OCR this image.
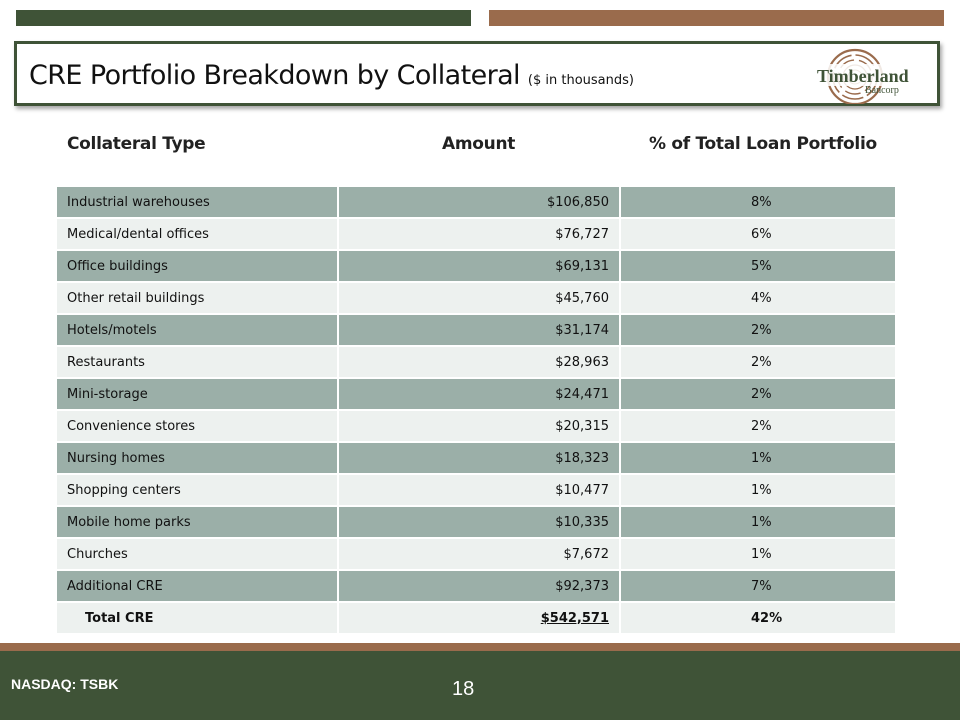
CRE Portfolio Breakdown by Collateral ($ in thousands)	Timberland
Bancorp
Collateral Type	Amount	% of Total Loan Portfolio
Industrial warehouses	$106,850	8%
Medical/dental offices	$76,727	6%
Office buildings	$69,131	5%
Other retail buildings	$45,760	4%
Hotels/motels	$31,174	2%
Restaurants	$28,963	2%
Mini-storage	$24,471	2%
Convenience stores	$20,315	2%
Nursing homes	$18,323	1%
Shopping centers	$10,477	1%
Mobile home parks	$10,335	1%
Churches	$7,672	1%
Additional CRE	$92,373	7%
Total CRE	$542,571	42%
NASDAQ: TSBK	18
